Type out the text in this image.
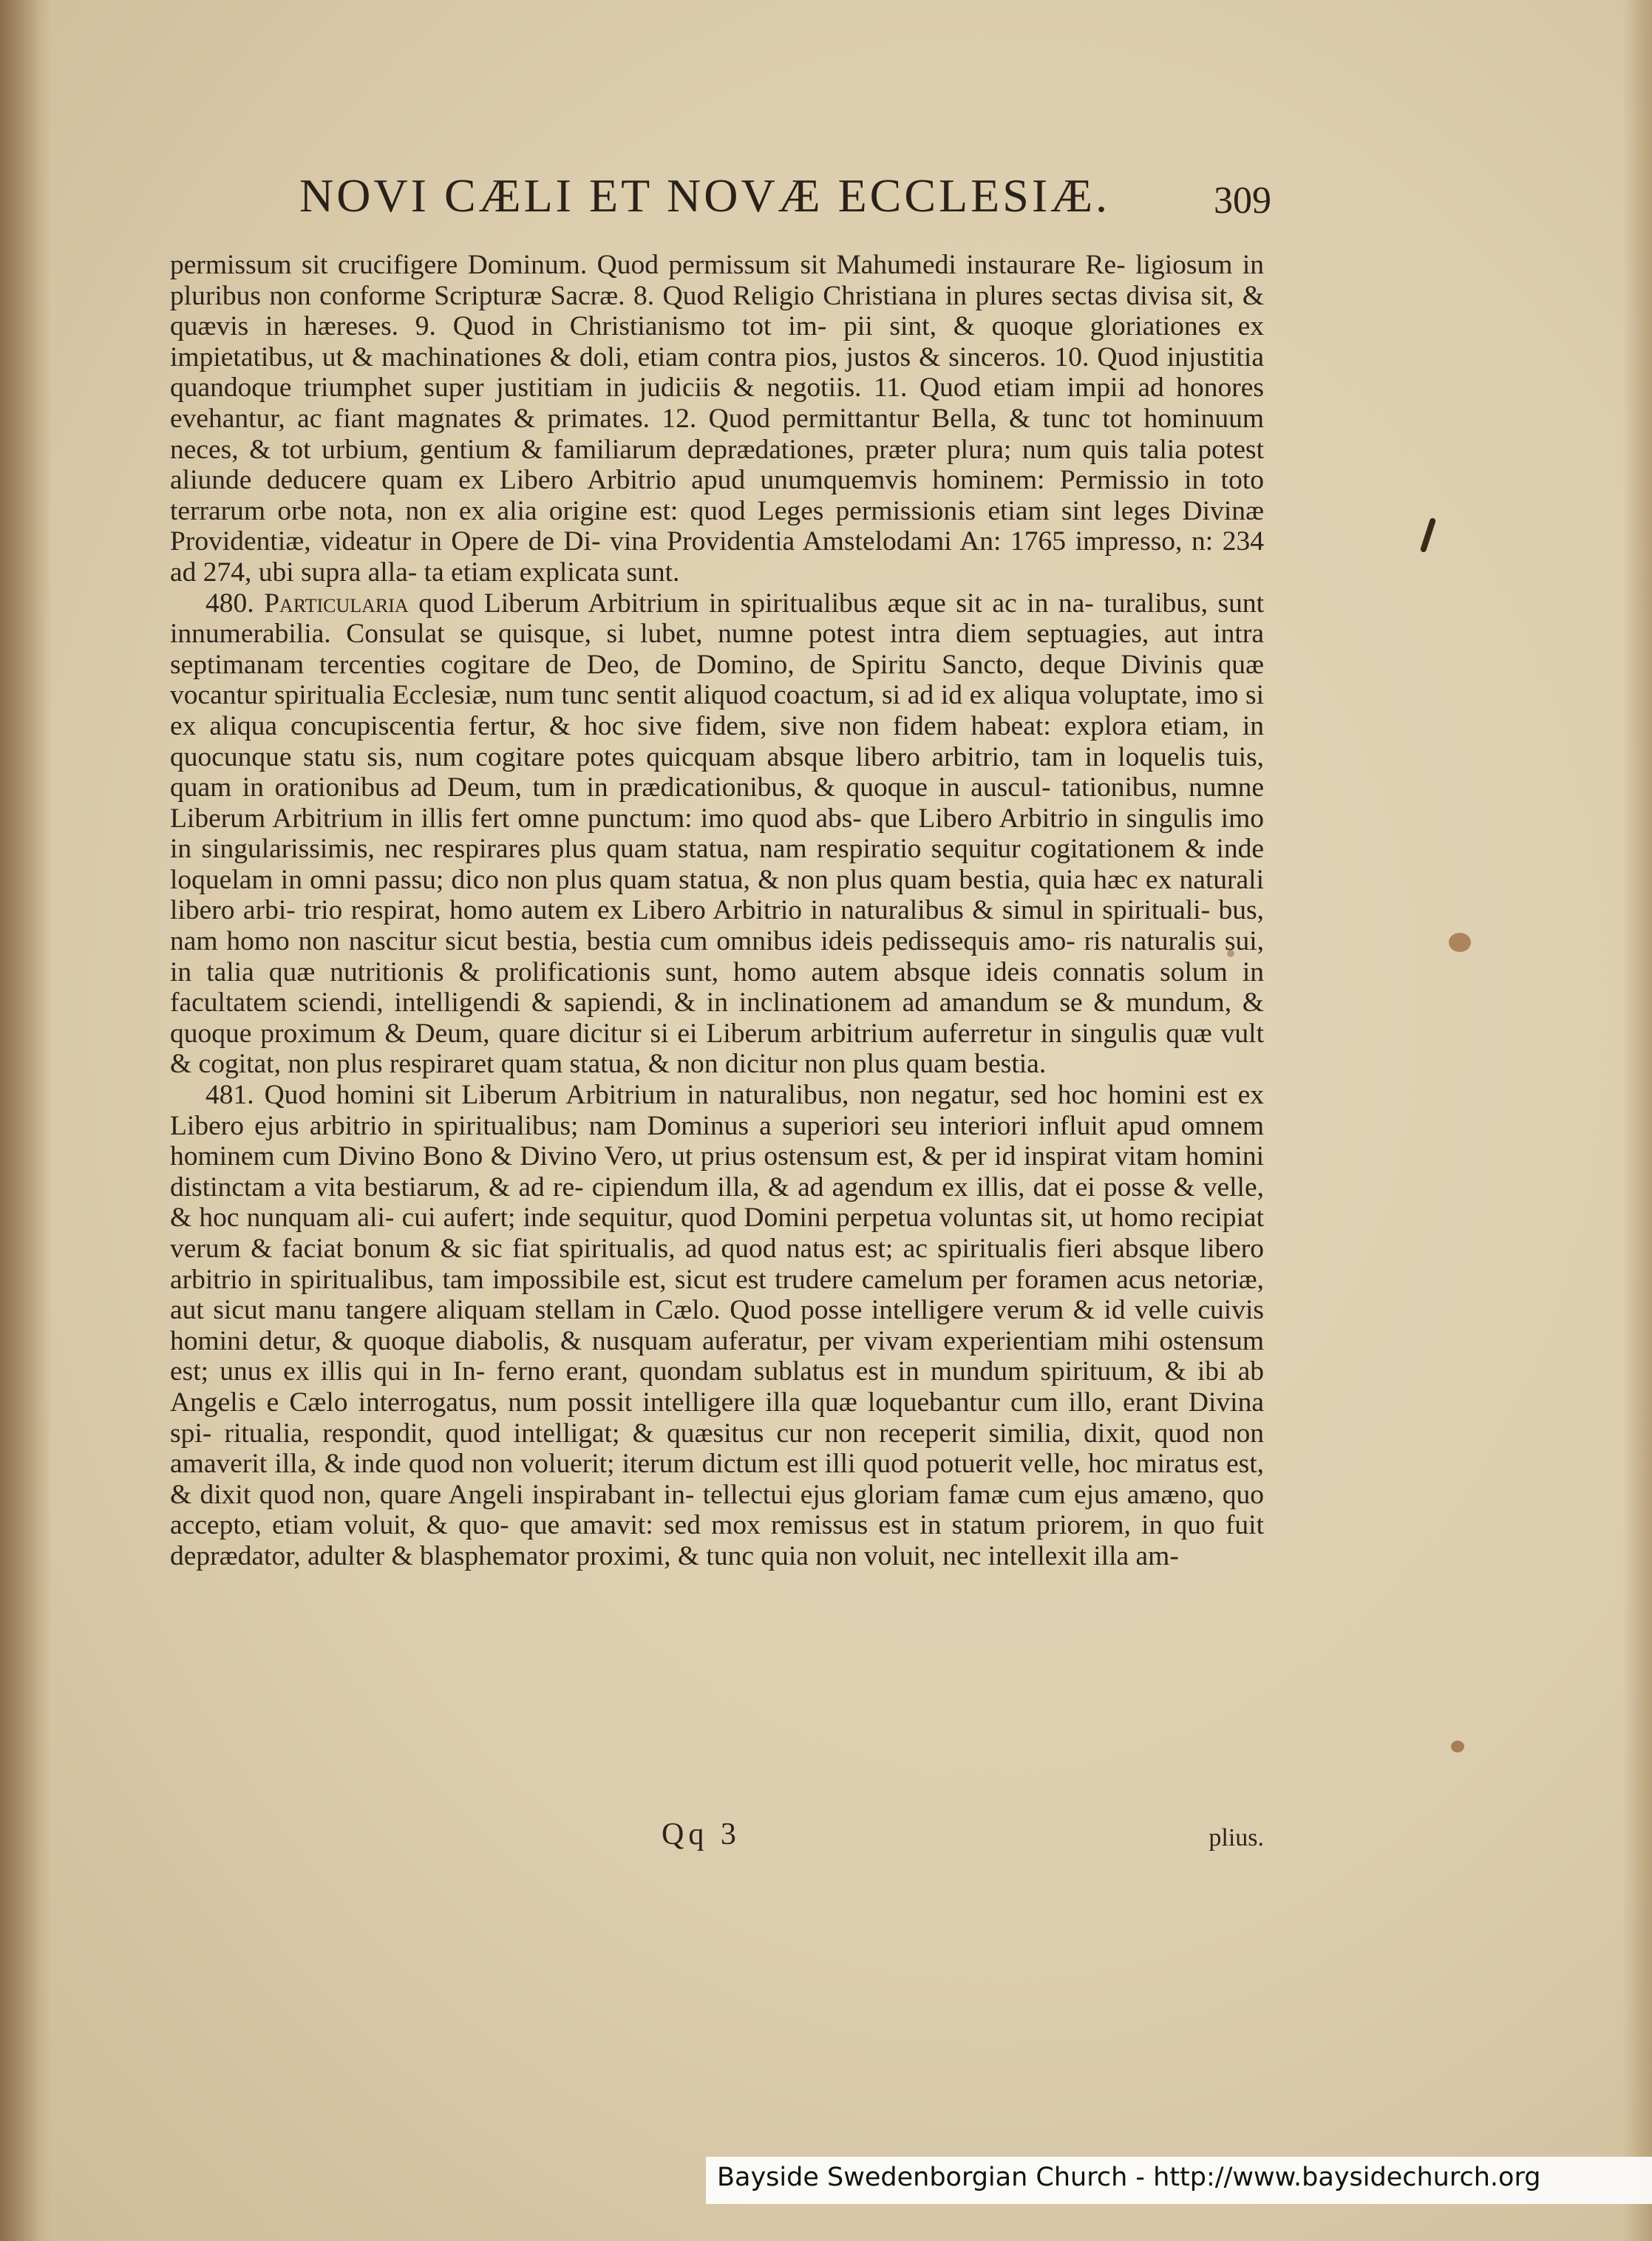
NOVI CÆLI ET NOVÆ ECCLESIÆ.	309

permissum sit crucifigere Dominum. Quod permissum sit Mahumedi instaurare Re- ligiosum in pluribus non conforme Scripturæ Sacræ. 8. Quod Religio Christiana in plures sectas divisa sit, & quævis in hæreses. 9. Quod in Christianismo tot im- pii sint, & quoque gloriationes ex impietatibus, ut & machinationes & doli, etiam contra pios, justos & sinceros. 10. Quod injustitia quandoque triumphet super justitiam in judiciis & negotiis. 11. Quod etiam impii ad honores evehantur, ac fiant magnates & primates. 12. Quod permittantur Bella, & tunc tot hominuum neces, & tot urbium, gentium & familiarum deprædationes, præter plura; num quis talia potest aliunde deducere quam ex Libero Arbitrio apud unumquemvis hominem: Permissio in toto terrarum orbe nota, non ex alia origine est: quod Leges permissionis etiam sint leges Divinæ Providentiæ, videatur in Opere de Di- vina Providentia Amstelodami An: 1765 impresso, n: 234 ad 274, ubi supra alla- ta etiam explicata sunt.

480. Particularia quod Liberum Arbitrium in spiritualibus æque sit ac in na- turalibus, sunt innumerabilia. Consulat se quisque, si lubet, numne potest intra diem septuagies, aut intra septimanam tercenties cogitare de Deo, de Domino, de Spiritu Sancto, deque Divinis quæ vocantur spiritualia Ecclesiæ, num tunc sentit aliquod coactum, si ad id ex aliqua voluptate, imo si ex aliqua concupiscentia fertur, & hoc sive fidem, sive non fidem habeat: explora etiam, in quocunque statu sis, num cogitare potes quicquam absque libero arbitrio, tam in loquelis tuis, quam in orationibus ad Deum, tum in prædicationibus, & quoque in auscul- tationibus, numne Liberum Arbitrium in illis fert omne punctum: imo quod abs- que Libero Arbitrio in singulis imo in singularissimis, nec respirares plus quam statua, nam respiratio sequitur cogitationem & inde loquelam in omni passu; dico non plus quam statua, & non plus quam bestia, quia hæc ex naturali libero arbi- trio respirat, homo autem ex Libero Arbitrio in naturalibus & simul in spirituali- bus, nam homo non nascitur sicut bestia, bestia cum omnibus ideis pedissequis amo- ris naturalis sui, in talia quæ nutritionis & prolificationis sunt, homo autem absque ideis connatis solum in facultatem sciendi, intelligendi & sapiendi, & in inclinationem ad amandum se & mundum, & quoque proximum & Deum, quare dicitur si ei Liberum arbitrium auferretur in singulis quæ vult & cogitat, non plus respiraret quam statua, & non dicitur non plus quam bestia.

481. Quod homini sit Liberum Arbitrium in naturalibus, non negatur, sed hoc homini est ex Libero ejus arbitrio in spiritualibus; nam Dominus a superiori seu interiori influit apud omnem hominem cum Divino Bono & Divino Vero, ut prius ostensum est, & per id inspirat vitam homini distinctam a vita bestiarum, & ad re- cipiendum illa, & ad agendum ex illis, dat ei posse & velle, & hoc nunquam ali- cui aufert; inde sequitur, quod Domini perpetua voluntas sit, ut homo recipiat verum & faciat bonum & sic fiat spiritualis, ad quod natus est; ac spiritualis fieri absque libero arbitrio in spiritualibus, tam impossibile est, sicut est trudere camelum per foramen acus netoriæ, aut sicut manu tangere aliquam stellam in Cælo. Quod posse intelligere verum & id velle cuivis homini detur, & quoque diabolis, & nusquam auferatur, per vivam experientiam mihi ostensum est; unus ex illis qui in In- ferno erant, quondam sublatus est in mundum spirituum, & ibi ab Angelis e Cælo interrogatus, num possit intelligere illa quæ loquebantur cum illo, erant Divina spi- ritualia, respondit, quod intelligat; & quæsitus cur non receperit similia, dixit, quod non amaverit illa, & inde quod non voluerit; iterum dictum est illi quod potuerit velle, hoc miratus est, & dixit quod non, quare Angeli inspirabant in- tellectui ejus gloriam famæ cum ejus amæno, quo accepto, etiam voluit, & quo- que amavit: sed mox remissus est in statum priorem, in quo fuit deprædator, adulter & blasphemator proximi, & tunc quia non voluit, nec intellexit illa am-

Qq 3	plius.
Bayside Swedenborgian Church - http://www.baysidechurch.org
